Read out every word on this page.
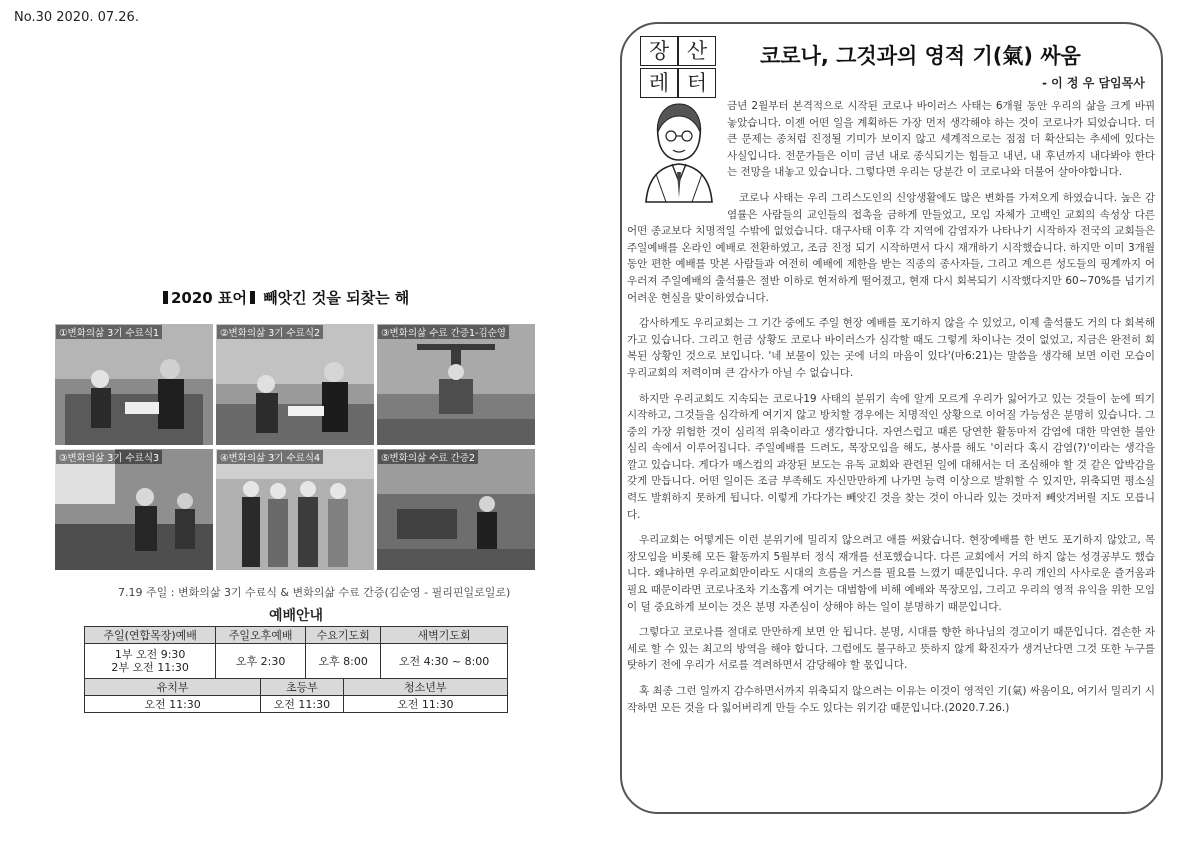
No.30 2020. 07.26.
2020 표어 빼앗긴 것을 되찾는 해
①변화의삶 3기 수료식1	②변화의삶 3기 수료식2	③변화의삶 수료 간증1-김순영
③변화의삶 3기 수료식3	④변화의삶 3기 수료식4	⑤변화의삶 수료 간증2
7.19 주일 : 변화의삶 3기 수료식 & 변화의삶 수료 간증(김순영 - 필리핀일로일로)
예배안내					
주일(연합목장)예배	주일오후예배		수요기도회		새벽기도회
1부 오전 9:30
2부 오전 11:30	오후 2:30		오후 8:00		오전 4:30 ~ 8:00
유치부		초등부		청소년부	
오전 11:30		오전 11:30		오전 11:30	
장 산
레 터
코로나, 그것과의 영적 기(氣) 싸움
- 이 정 우 담임목사

금년 2월부터 본격적으로 시작된 코로나 바이러스 사태는 6개월 동안 우리의 삶을 크게 바꿔놓았습니다. 이젠 어떤 일을 계획하든 가장 먼저 생각해야 하는 것이 코로나가 되었습니다. 더 큰 문제는 종처럼 진정될 기미가 보이지 않고 세계적으로는 점점 더 확산되는 추세에 있다는 사실입니다. 전문가들은 이미 금년 내로 종식되기는 힘들고 내년, 내 후년까지 내다봐야 한다는 전망을 내놓고 있습니다. 그렇다면 우리는 당분간 이 코로나와 더불어 살아야합니다.

코로나 사태는 우리 그리스도인의 신앙생활에도 많은 변화를 가져오게 하였습니다. 높은 감염률은 사람들의 교인들의 접촉을 금하게 만들었고, 모임 자체가 고백인 교회의 속성상 다른 어떤 종교보다 치명적일 수밖에 없었습니다. 대구사태 이후 각 지역에 감염자가 나타나기 시작하자 전국의 교회들은 주일예배를 온라인 예배로 전환하였고, 조금 진정 되기 시작하면서 다시 재개하기 시작했습니다. 하지만 이미 3개월 동안 편한 예배를 맛본 사람들과 여전히 예배에 제한을 받는 직종의 종사자들, 그리고 계으른 성도들의 핑계까지 어우러져 주일예배의 출석률은 절반 이하로 현저하게 떨어졌고, 현재 다시 회복되기 시작했다지만 60~70%를 넘기기 어려운 현실을 맞이하였습니다.

감사하게도 우리교회는 그 기간 중에도 주일 현장 예배를 포기하지 않을 수 있었고, 이제 출석률도 거의 다 회복해 가고 있습니다. 그리고 헌금 상황도 코로나 바이러스가 심각할 때도 그렇게 차이나는 것이 없었고, 지금은 완전히 회복된 상황인 것으로 보입니다. '네 보물이 있는 곳에 너의 마음이 있다'(마6:21)는 말씀을 생각해 보면 이런 모습이 우리교회의 저력이며 큰 감사가 아닐 수 없습니다.

하지만 우리교회도 지속되는 코로나19 사태의 분위기 속에 알게 모르게 우리가 잃어가고 있는 것들이 눈에 띄기 시작하고, 그것들을 심각하게 여기지 않고 방치할 경우에는 치명적인 상황으로 이어질 가능성은 분명히 있습니다. 그 중의 가장 위험한 것이 심리적 위축이라고 생각합니다. 자연스럽고 때론 당연한 활동마저 감염에 대한 막연한 불안 심리 속에서 이루어집니다. 주일예배를 드려도, 목장모임을 해도, 봉사를 해도 '이러다 혹시 감염(?)'이라는 생각을 깔고 있습니다. 게다가 매스컴의 과장된 보도는 유독 교회와 관련된 일에 대해서는 더 조심해야 할 것 같은 압박감을 갖게 만듭니다. 어떤 일이든 조금 부족해도 자신만만하게 나가면 능력 이상으로 발휘할 수 있지만, 위축되면 평소실력도 발휘하지 못하게 됩니다. 이렇게 가다가는 빼앗긴 것을 찾는 것이 아니라 있는 것마저 빼앗겨버릴 지도 모릅니다.

우리교회는 어떻게든 이런 분위기에 밀리지 않으려고 애를 써왔습니다. 현장예배를 한 번도 포기하지 않았고, 목장모임을 비롯해 모든 활동까지 5월부터 정식 재개를 선포했습니다. 다른 교회에서 거의 하지 않는 성경공부도 했습니다. 왜냐하면 우리교회만이라도 시대의 흐름을 거스를 필요를 느꼈기 때문입니다. 우리 개인의 사사로운 즐거움과 필요 때문이라면 코로나조차 기소홉게 여기는 대범함에 비해 예배와 목장모임, 그리고 우리의 영적 유익을 위한 모임이 덜 중요하게 보이는 것은 분명 자존심이 상해야 하는 일이 분명하기 때문입니다.

그렇다고 코로나를 절대로 만만하게 보면 안 됩니다. 분명, 시대를 향한 하나님의 경고이기 때문입니다. 겸손한 자세로 할 수 있는 최고의 방역을 해야 합니다. 그럼에도 불구하고 뜻하지 않게 확진자가 생겨난다면 그것 또한 누구를 탓하기 전에 우리가 서로를 격려하면서 감당해야 할 몫입니다.

혹 최종 그런 일까지 감수하면서까지 위축되지 않으려는 이유는 이것이 영적인 기(氣) 싸움이요, 여기서 밀리기 시작하면 모든 것을 다 잃어버리게 만들 수도 있다는 위기감 때문입니다.(2020.7.26.)
